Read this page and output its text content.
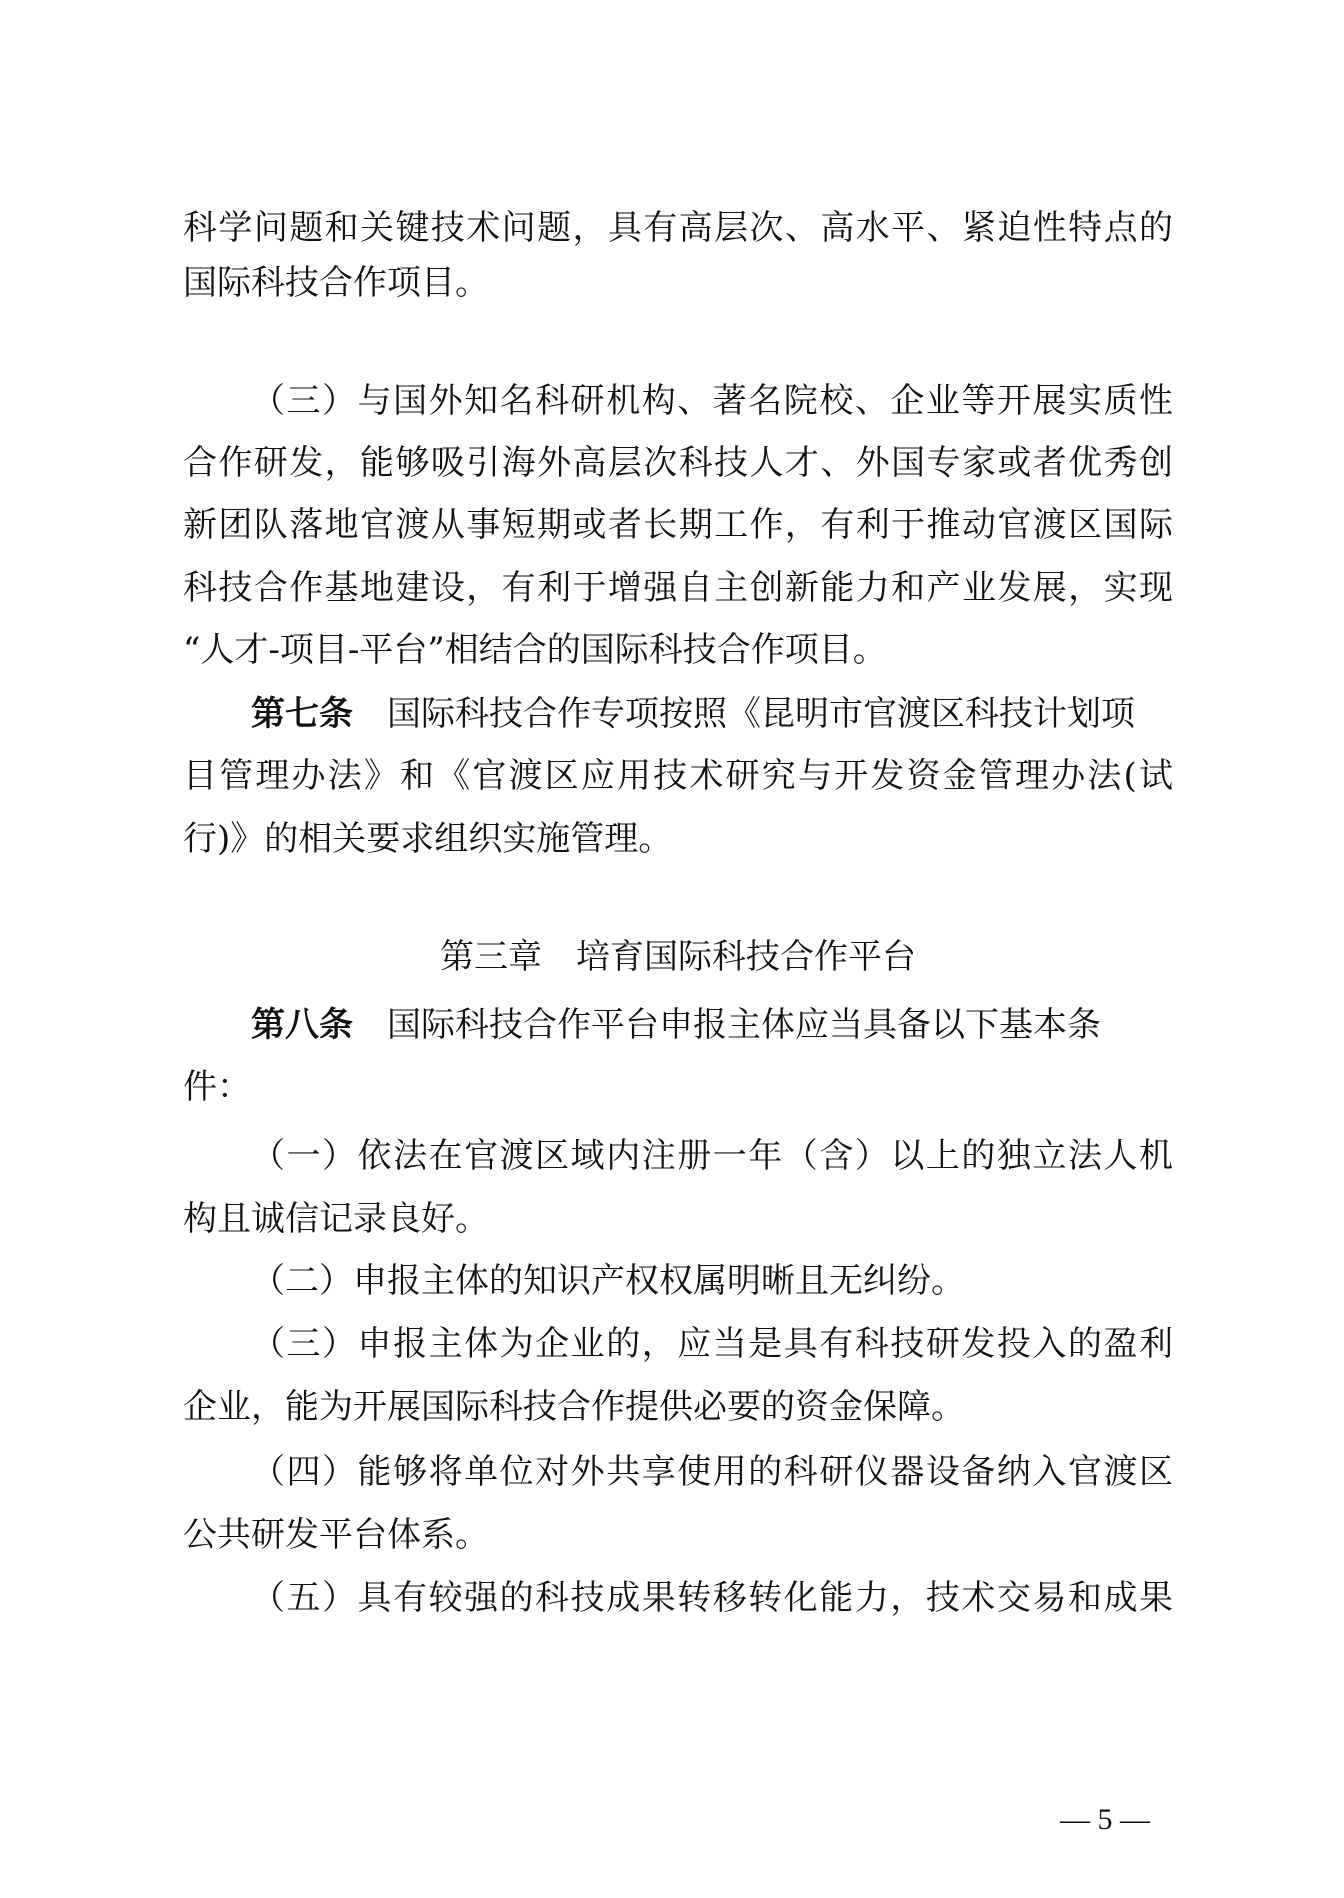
科学问题和关键技术问题，具有高层次、高水平、紧迫性特点的
国际科技合作项目。
（三）与国外知名科研机构、著名院校、企业等开展实质性
合作研发，能够吸引海外高层次科技人才、外国专家或者优秀创
新团队落地官渡从事短期或者长期工作，有利于推动官渡区国际
科技合作基地建设，有利于增强自主创新能力和产业发展，实现
“人才-项目-平台”相结合的国际科技合作项目。
第七条 国际科技合作专项按照《昆明市官渡区科技计划项
目管理办法》和《官渡区应用技术研究与开发资金管理办法(试
行)》的相关要求组织实施管理。
第三章　培育国际科技合作平台
第八条 国际科技合作平台申报主体应当具备以下基本条
件：
（一）依法在官渡区域内注册一年（含）以上的独立法人机
构且诚信记录良好。
（二）申报主体的知识产权权属明晰且无纠纷。
（三）申报主体为企业的，应当是具有科技研发投入的盈利
企业，能为开展国际科技合作提供必要的资金保障。
（四）能够将单位对外共享使用的科研仪器设备纳入官渡区
公共研发平台体系。
（五）具有较强的科技成果转移转化能力，技术交易和成果
— 5 —
